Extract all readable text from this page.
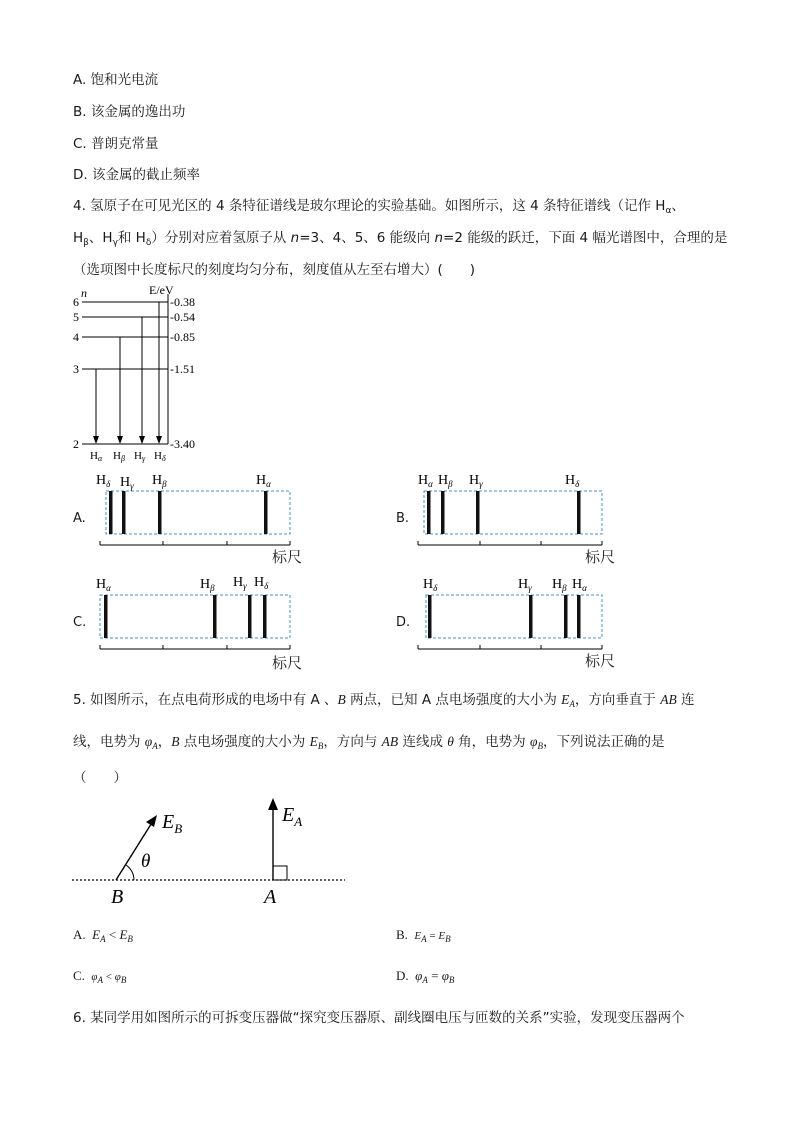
A. 饱和光电流
B. 该金属的逸出功
C. 普朗克常量
D. 该金属的截止频率
4. 氢原子在可见光区的 4 条特征谱线是玻尔理论的实验基础。如图所示，这 4 条特征谱线（记作 $H_\alpha$、
$H_\beta$、$H_\gamma$和 $H_\delta$）分别对应着氢原子从 n=3、4、5、6 能级向 n=2 能级的跃迁，下面 4 幅光谱图中，合理的是
（选项图中长度标尺的刻度均匀分布，刻度值从左至右增大）(　　)
n	E/eV
6
5
4
3
2
-0.38
-0.54
-0.85
-1.51
-3.40
Hα Hβ Hγ Hδ
A.
$H_\delta$ $H_\gamma$ $H_\beta$	$H_\alpha$
标尺
B.
$H_\alpha$ $H_\beta$ $H_\gamma$	$H_\delta$
标尺
C.
$H_\alpha$	$H_\beta$ $H_\gamma$ $H_\delta$
标尺
D.
$H_\delta$	$H_\gamma$ $H_\beta$ $H_\alpha$
标尺
5. 如图所示，在点电荷形成的电场中有 A 、B 两点，已知 A 点电场强度的大小为 $E_A$，方向垂直于 AB 连
线，电势为 $\varphi_A$，B 点电场强度的大小为 $E_B$，方向与 AB 连线成 θ 角，电势为 $\varphi_B$，下列说法正确的是
（　　）
$E_B$
θ
B
$E_A$
A
A. $E_A < E_B$	B. $E_A = E_B$
C. $\varphi_A < \varphi_B$	D. $\varphi_A = \varphi_B$
6. 某同学用如图所示的可拆变压器做“探究变压器原、副线圈电压与匝数的关系”实验，发现变压器两个
